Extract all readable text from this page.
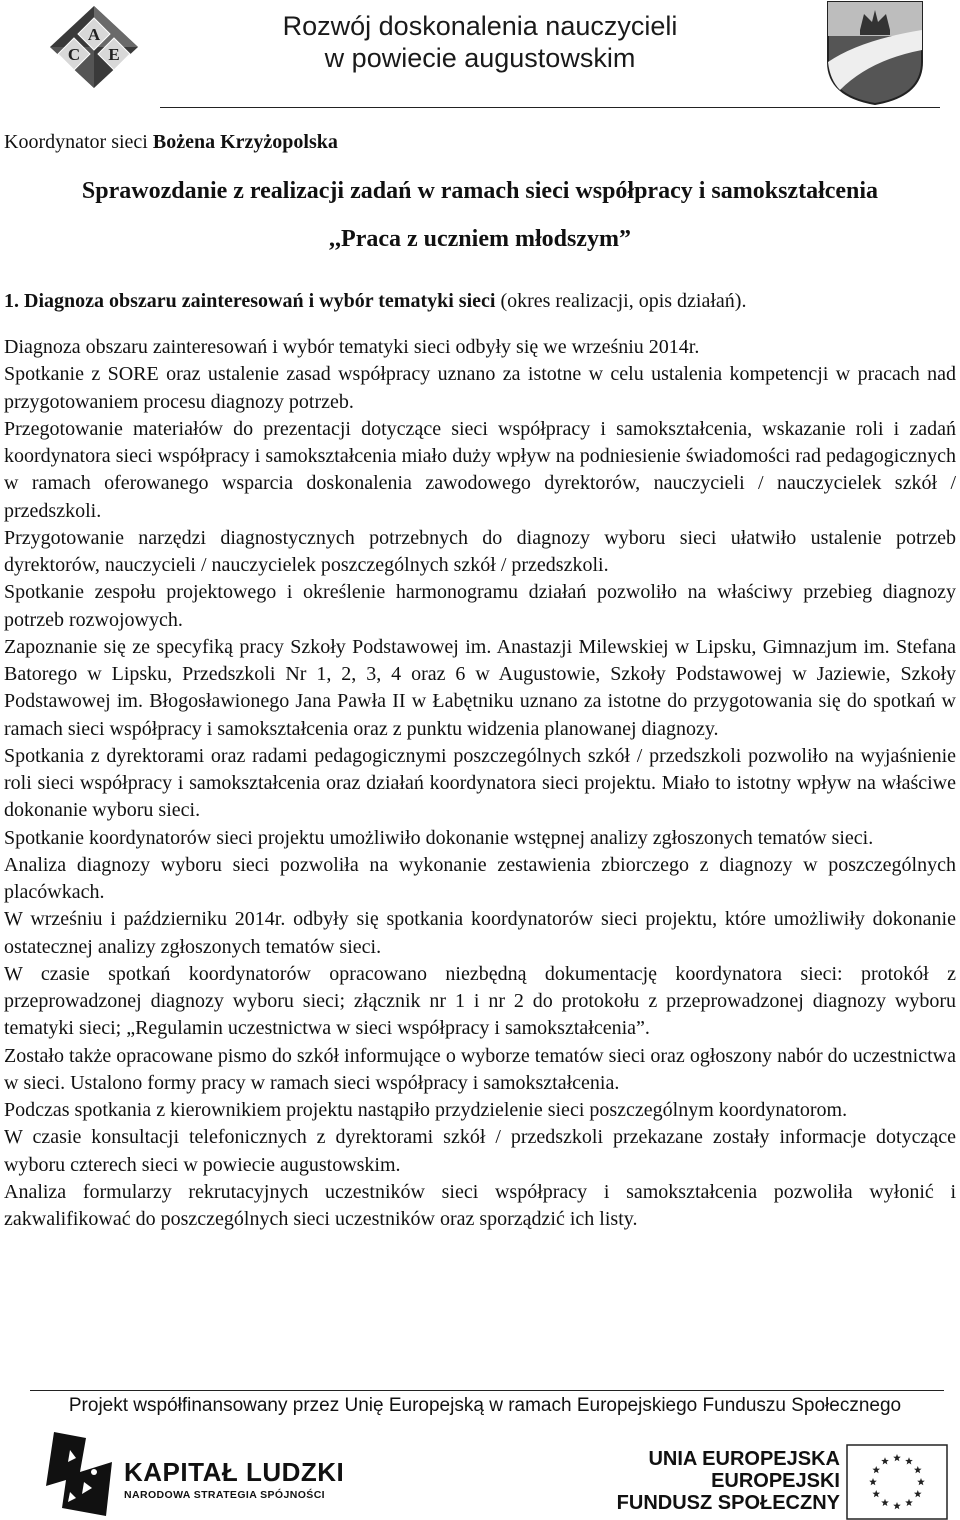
A
C E
Rozwój doskonalenia nauczycieli
w powiecie augustowskim
Koordynator sieci Bożena Krzyżopolska
Sprawozdanie z realizacji zadań w ramach sieci współpracy i samokształcenia
,,Praca z uczniem młodszym”
1. Diagnoza obszaru zainteresowań i wybór tematyki sieci (okres realizacji, opis działań).

Diagnoza obszaru zainteresowań i wybór tematyki sieci odbyły się we wrześniu 2014r.

Spotkanie z SORE oraz ustalenie zasad współpracy uznano za istotne w celu ustalenia kompetencji w pracach nad przygotowaniem procesu diagnozy potrzeb.

Przegotowanie materiałów do prezentacji dotyczące sieci współpracy i samokształcenia, wskazanie roli i zadań koordynatora sieci współpracy i samokształcenia miało duży wpływ na podniesienie świadomości rad pedagogicznych w ramach oferowanego wsparcia doskonalenia zawodowego dyrektorów, nauczycieli / nauczycielek szkół / przedszkoli.

Przygotowanie narzędzi diagnostycznych potrzebnych do diagnozy wyboru sieci ułatwiło ustalenie potrzeb dyrektorów, nauczycieli / nauczycielek poszczególnych szkół / przedszkoli.

Spotkanie zespołu projektowego i określenie harmonogramu działań pozwoliło na właściwy przebieg diagnozy potrzeb rozwojowych.

Zapoznanie się ze specyfiką pracy Szkoły Podstawowej im. Anastazji Milewskiej w Lipsku, Gimnazjum im. Stefana Batorego w Lipsku, Przedszkoli Nr 1, 2, 3, 4 oraz 6 w Augustowie, Szkoły Podstawowej w Jaziewie, Szkoły Podstawowej im. Błogosławionego Jana Pawła II w Łabętniku uznano za istotne do przygotowania się do spotkań w ramach sieci współpracy i samokształcenia oraz z punktu widzenia planowanej diagnozy.

Spotkania z dyrektorami oraz radami pedagogicznymi poszczególnych szkół / przedszkoli pozwoliło na wyjaśnienie roli sieci współpracy i samokształcenia oraz działań koordynatora sieci projektu. Miało to istotny wpływ na właściwe dokonanie wyboru sieci.

Spotkanie koordynatorów sieci projektu umożliwiło dokonanie wstępnej analizy zgłoszonych tematów sieci.

Analiza diagnozy wyboru sieci pozwoliła na wykonanie zestawienia zbiorczego z diagnozy w poszczególnych placówkach.

W wrześniu i październiku 2014r. odbyły się spotkania koordynatorów sieci projektu, które umożliwiły dokonanie ostatecznej analizy zgłoszonych tematów sieci.

W czasie spotkań koordynatorów opracowano niezbędną dokumentację koordynatora sieci: protokół z przeprowadzonej diagnozy wyboru sieci; złącznik nr 1 i nr 2 do protokołu z przeprowadzonej diagnozy wyboru tematyki sieci; „Regulamin uczestnictwa w sieci współpracy i samokształcenia”.

Zostało także opracowane pismo do szkół informujące o wyborze tematów sieci oraz ogłoszony nabór do uczestnictwa w sieci. Ustalono formy pracy w ramach sieci współpracy i samokształcenia.

Podczas spotkania z kierownikiem projektu nastąpiło przydzielenie sieci poszczególnym koordynatorom.

W czasie konsultacji telefonicznych z dyrektorami szkół / przedszkoli przekazane zostały informacje dotyczące wyboru czterech sieci w powiecie augustowskim.

Analiza formularzy rekrutacyjnych uczestników sieci współpracy i samokształcenia pozwoliła wyłonić i zakwalifikować do poszczególnych sieci uczestników oraz sporządzić ich listy.

Projekt współfinansowany przez Unię Europejską w ramach Europejskiego Funduszu Społecznego
KAPITAŁ LUDZKI
NARODOWA STRATEGIA SPÓJNOŚCI
UNIA EUROPEJSKA
EUROPEJSKI
FUNDUSZ SPOŁECZNY
